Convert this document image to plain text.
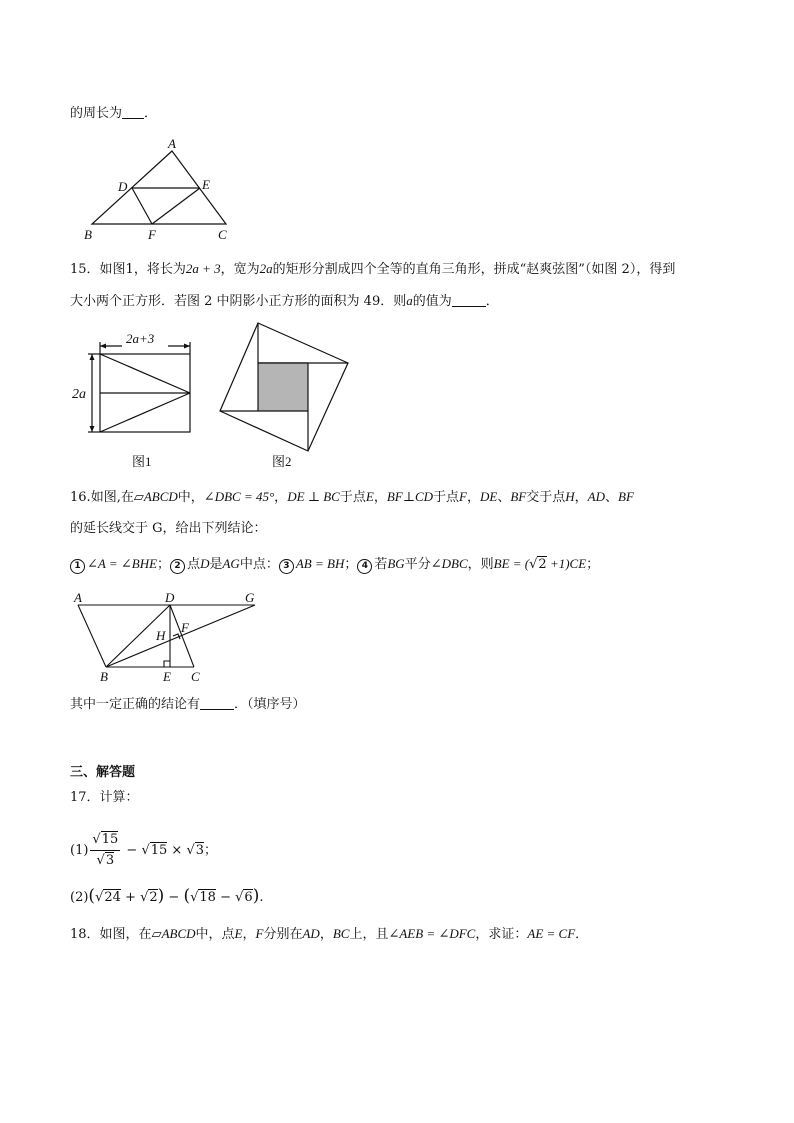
的周长为 ．
A
D	E
B	F	C
15．如图1，将长为2a + 3，宽为2a的矩形分割成四个全等的直角三角形，拼成“赵爽弦图”（如图 2），得到
大小两个正方形．若图 2 中阴影小正方形的面积为 49．则a的值为	．
2a+3
2a
图1	图2
16.如图,在▱ABCD中，∠DBC = 45°，DE ⊥ BC于点E，BF⊥CD于点F，DE、BF交于点H，AD、BF
的延长线交于 G，给出下列结论：
1 ∠A = ∠BHE； 2 点D是AG中点： 3 AB = BH； 4 若BG平分∠DBC，则BE = (√2 +1)CE；
A	D	G
H
F
B	E C
其中一定正确的结论有	．（填序号）
三、解答题
17．计算：
$(1) \frac{√15}{√3} - √15 \times √3$；
(2)(√24 + √2) − (√18 − √6).
18．如图，在▱ABCD中，点E，F分别在AD，BC上，且∠AEB = ∠DFC，求证：AE = CF．
